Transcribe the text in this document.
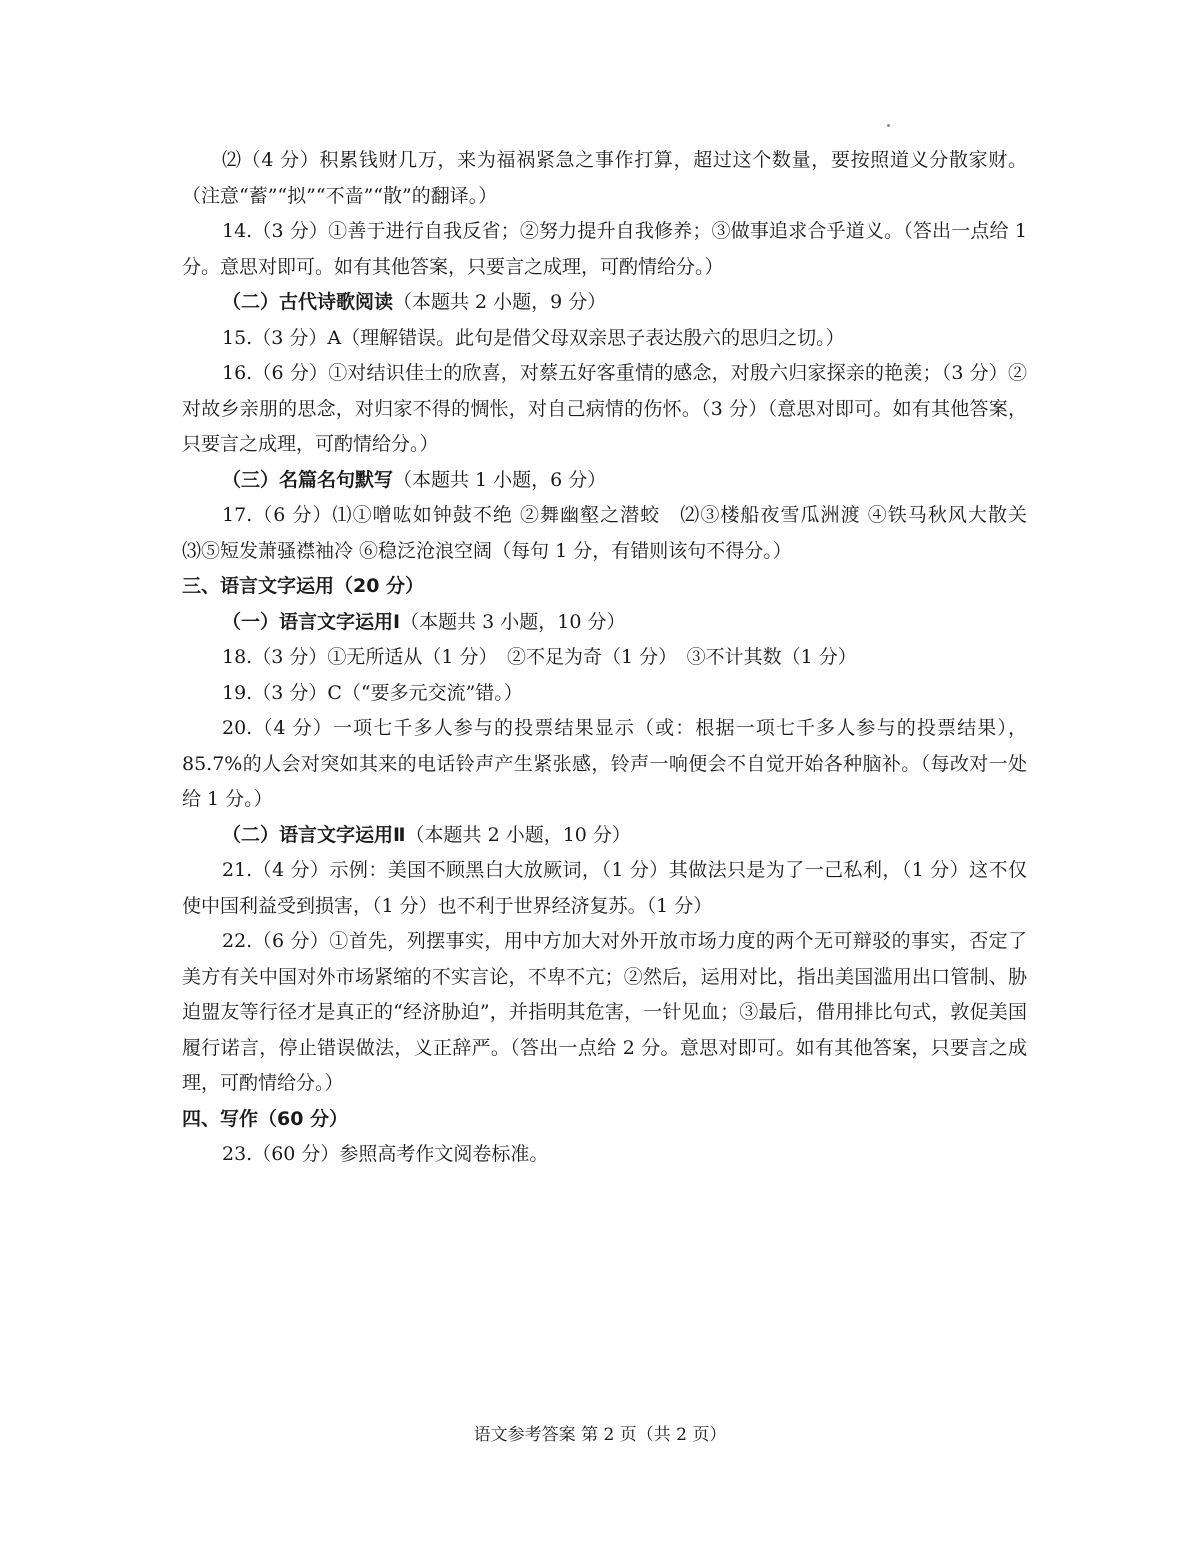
⑵（4 分）积累钱财几万，来为福祸紧急之事作打算，超过这个数量，要按照道义分散家财。（注意“蓄”“拟”“不啬”“散”的翻译。）

14.（3 分）①善于进行自我反省；②努力提升自我修养；③做事追求合乎道义。（答出一点给 1 分。意思对即可。如有其他答案，只要言之成理，可酌情给分。）

（二）古代诗歌阅读（本题共 2 小题，9 分）

15.（3 分）A（理解错误。此句是借父母双亲思子表达殷六的思归之切。）

16.（6 分）①对结识佳士的欣喜，对蔡五好客重情的感念，对殷六归家探亲的艳羡；（3 分）②对故乡亲朋的思念，对归家不得的惆怅，对自己病情的伤怀。（3 分）（意思对即可。如有其他答案，只要言之成理，可酌情给分。）

（三）名篇名句默写（本题共 1 小题，6 分）

17.（6 分）⑴①噌吰如钟鼓不绝 ②舞幽壑之潜蛟　⑵③楼船夜雪瓜洲渡 ④铁马秋风大散关　⑶⑤短发萧骚襟袖冷 ⑥稳泛沧浪空阔（每句 1 分，有错则该句不得分。）

三、语言文字运用（20 分）

（一）语言文字运用Ⅰ（本题共 3 小题，10 分）

18.（3 分）①无所适从（1 分）　②不足为奇（1 分）　③不计其数（1 分）

19.（3 分）C（“要多元交流”错。）

20.（4 分）一项七千多人参与的投票结果显示（或：根据一项七千多人参与的投票结果），85.7%的人会对突如其来的电话铃声产生紧张感，铃声一响便会不自觉开始各种脑补。（每改对一处给 1 分。）

（二）语言文字运用Ⅱ（本题共 2 小题，10 分）

21.（4 分）示例：美国不顾黑白大放厥词，（1 分）其做法只是为了一己私利，（1 分）这不仅使中国利益受到损害，（1 分）也不利于世界经济复苏。（1 分）

22.（6 分）①首先，列摆事实，用中方加大对外开放市场力度的两个无可辩驳的事实，否定了美方有关中国对外市场紧缩的不实言论，不卑不亢；②然后，运用对比，指出美国滥用出口管制、胁迫盟友等行径才是真正的“经济胁迫”，并指明其危害，一针见血；③最后，借用排比句式，敦促美国履行诺言，停止错误做法，义正辞严。（答出一点给 2 分。意思对即可。如有其他答案，只要言之成理，可酌情给分。）

四、写作（60 分）

23.（60 分）参照高考作文阅卷标准。

语文参考答案 第 2 页（共 2 页）
